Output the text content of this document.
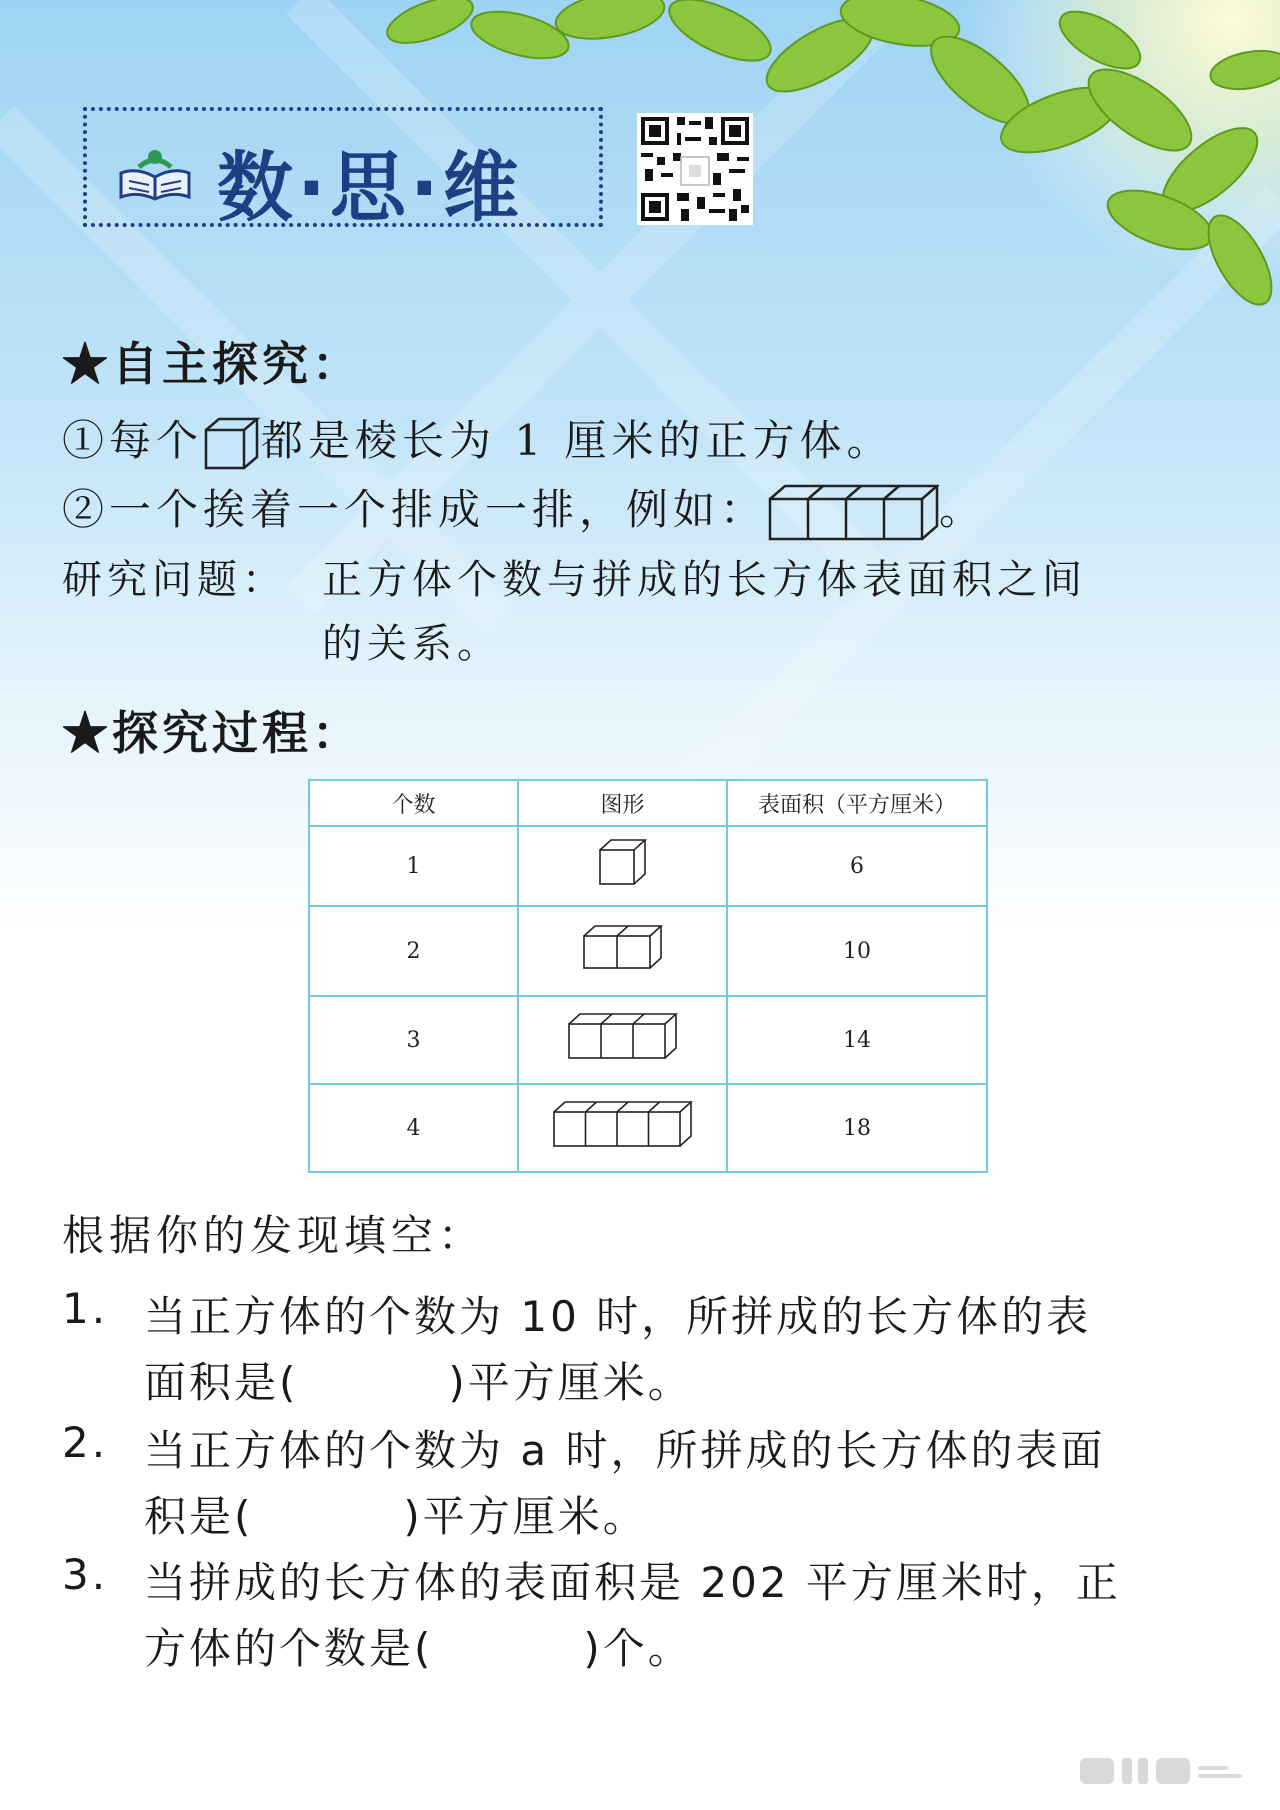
数·思·维
★自主探究：
①每个 都是棱长为 1 厘米的正方体。
②一个挨着一个排成一排，例如：	。
研究问题： 正方体个数与拼成的长方体表面积之间
的关系。
★探究过程：
个数	图形	表面积（平方厘米）
1		6
2		10
3		14
4		18
根据你的发现填空：
1. 当正方体的个数为 10 时，所拼成的长方体的表
面积是(	)平方厘米。
2. 当正方体的个数为 a 时，所拼成的长方体的表面
积是(	)平方厘米。
3. 当拼成的长方体的表面积是 202 平方厘米时，正
方体的个数是(	)个。
